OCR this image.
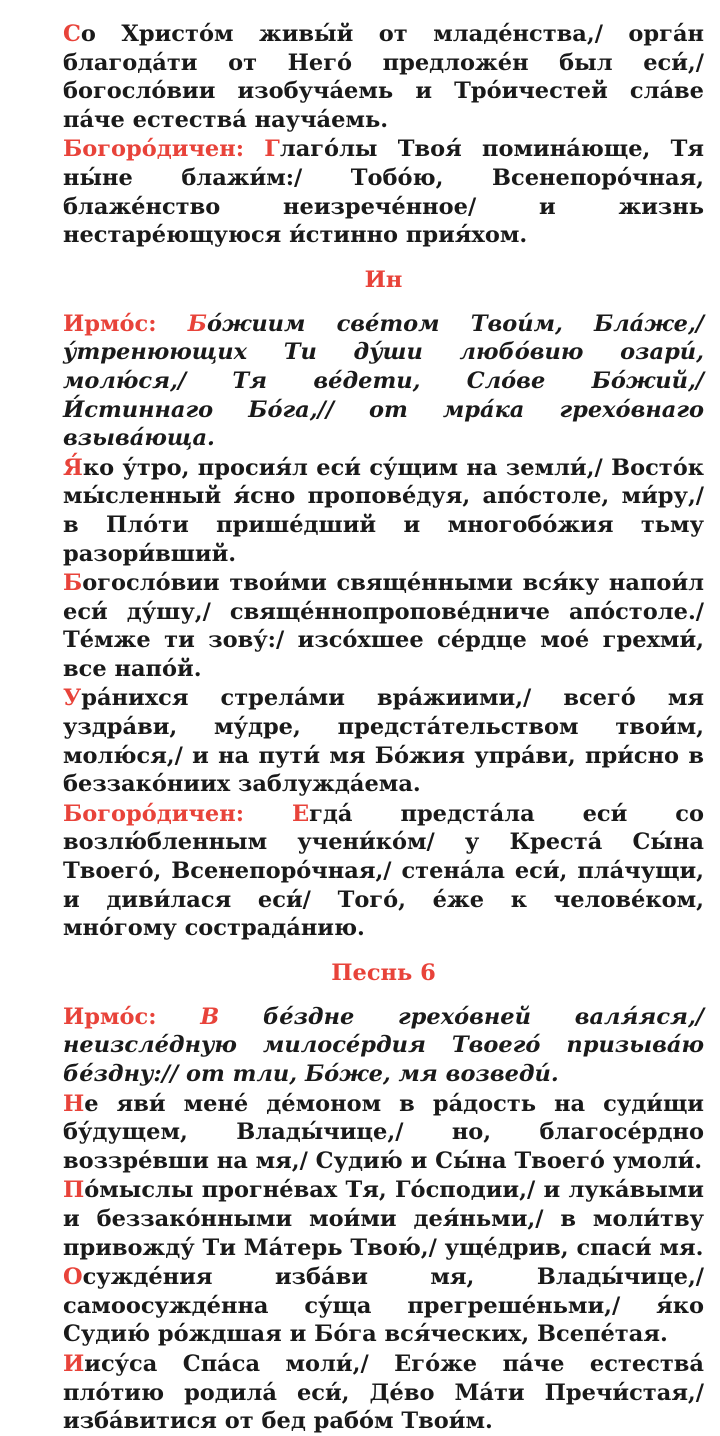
Со Христо́м живы́й от младе́нства,/ орга́н благода́ти от Него́ предложе́н был еси́,/ богосло́вии изобуча́емь и Тро́ичестей сла́ве па́че естества́ науча́емь.

Богоро́дичен: Глаго́лы Твоя́ помина́юще, Тя ны́не блажи́м:/ Тобо́ю, Всенепоро́чная, блаже́нство неизрече́нное/ и жизнь нестаре́ющуюся и́стинно прия́хом.

Ин

Ирмо́с: Бо́жиим све́том Твои́м, Бла́же,/ у́тренюющих Ти ду́ши любо́вию озари́, молю́ся,/ Тя ве́дети, Сло́ве Бо́жий,/ И́стиннаго Бо́га,// от мра́ка грехо́внаго взыва́юща.

Я́ко у́тро, просия́л еси́ су́щим на земли́,/ Восто́к мы́сленный я́сно пропове́дуя, апо́столе, ми́ру,/ в Пло́ти прише́дший и многобо́жия тьму разори́вший.

Богосло́вии твои́ми свяще́нными вся́ку напои́л еси́ ду́шу,/ свяще́ннопропове́дниче апо́столе./ Те́мже ти зову́:/ изсо́хшее се́рдце мое́ грехми́, все напо́й.

Ура́нихся стрела́ми вра́жиими,/ всего́ мя уздра́ви, му́дре, предста́тельством твои́м, молю́ся,/ и на пути́ мя Бо́жия упра́ви, при́сно в беззако́ниих заблужда́ема.

Богоро́дичен: Егда́ предста́ла еси́ со возлю́бленным учени́ко́м/ у Креста́ Сы́на Твоего́, Всенепоро́чная,/ стена́ла еси́, пла́чущи, и диви́лася еси́/ Того́, е́же к челове́ком, мно́гому сострада́нию.

Песнь 6

Ирмо́с: В бе́здне грехо́вней валя́яся,/ неизсле́дную милосе́рдия Твоего́ призыва́ю бе́здну:// от тли, Бо́же, мя возведи́.

Не яви́ мене́ де́моном в ра́дость на суди́щи бу́дущем, Влады́чице,/ но, благосе́рдно воззре́вши на мя,/ Судию́ и Сы́на Твоего́ умоли́.

По́мыслы прогне́вах Тя, Го́сподии,/ и лука́выми и беззако́нными мои́ми дея́ньми,/ в моли́тву привожду́ Ти Ма́терь Твою́,/ уще́дрив, спаси́ мя.

Осужде́ния изба́ви мя, Влады́чице,/ самоосужде́нна су́ща прегреше́ньми,/ я́ко Судию́ ро́ждшая и Бо́га вся́ческих, Всепе́тая.

Иису́са Спа́са моли́,/ Его́же па́че естества́ пло́тию родила́ еси́, Де́во Ма́ти Пречи́стая,/ изба́витися от бед рабо́м Твои́м.
